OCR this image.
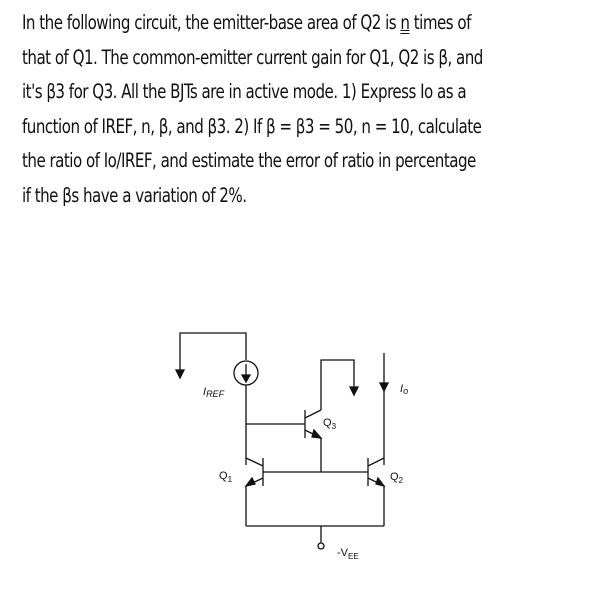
In the following circuit, the emitter-base area of Q2 is n times of
that of Q1. The common-emitter current gain for Q1, Q2 is β, and
it's β3 for Q3. All the BJTs are in active mode. 1) Express Io as a
function of IREF, n, β, and β3. 2) If β = β3 = 50, n = 10, calculate
the ratio of Io/IREF, and estimate the error of ratio in percentage
if the βs have a variation of 2%.
IREF	Io
$Q_3$
$Q_1$	$Q_2$
$-V_{EE}$
